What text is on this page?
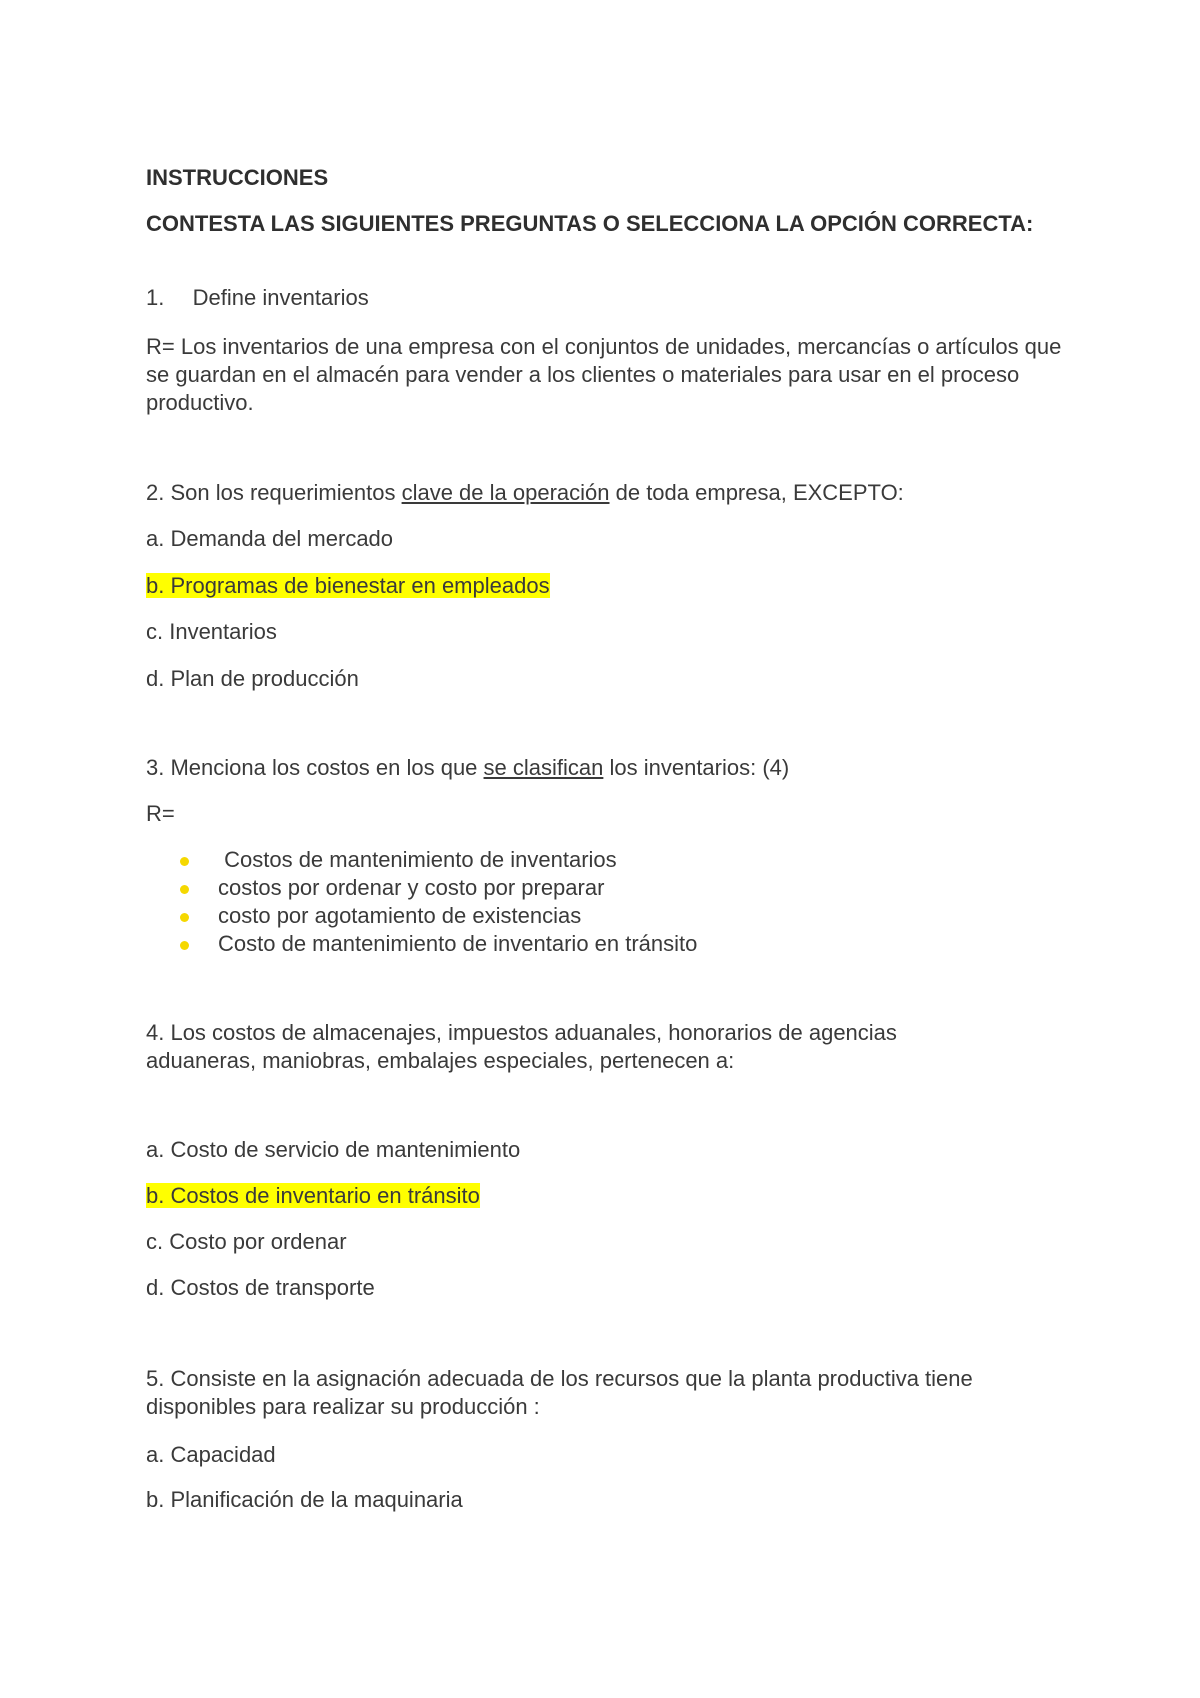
INSTRUCCIONES
CONTESTA LAS SIGUIENTES PREGUNTAS O SELECCIONA LA OPCIÓN CORRECTA:
1. Define inventarios
R= Los inventarios de una empresa con el conjuntos de unidades, mercancías o artículos que se guardan en el almacén para vender a los clientes o materiales para usar en el proceso productivo.
2. Son los requerimientos clave de la operación de toda empresa, EXCEPTO:
a. Demanda del mercado
b. Programas de bienestar en empleados
c. Inventarios
d. Plan de producción
3. Menciona los costos en los que se clasifican los inventarios: (4)
R=
Costos de mantenimiento de inventarios
costos por ordenar y costo por preparar
costo por agotamiento de existencias
Costo de mantenimiento de inventario en tránsito
4. Los costos de almacenajes, impuestos aduanales, honorarios de agencias aduaneras, maniobras, embalajes especiales, pertenecen a:
a. Costo de servicio de mantenimiento
b. Costos de inventario en tránsito
c. Costo por ordenar
d. Costos de transporte
5. Consiste en la asignación adecuada de los recursos que la planta productiva tiene disponibles para realizar su producción :
a. Capacidad
b. Planificación de la maquinaria
